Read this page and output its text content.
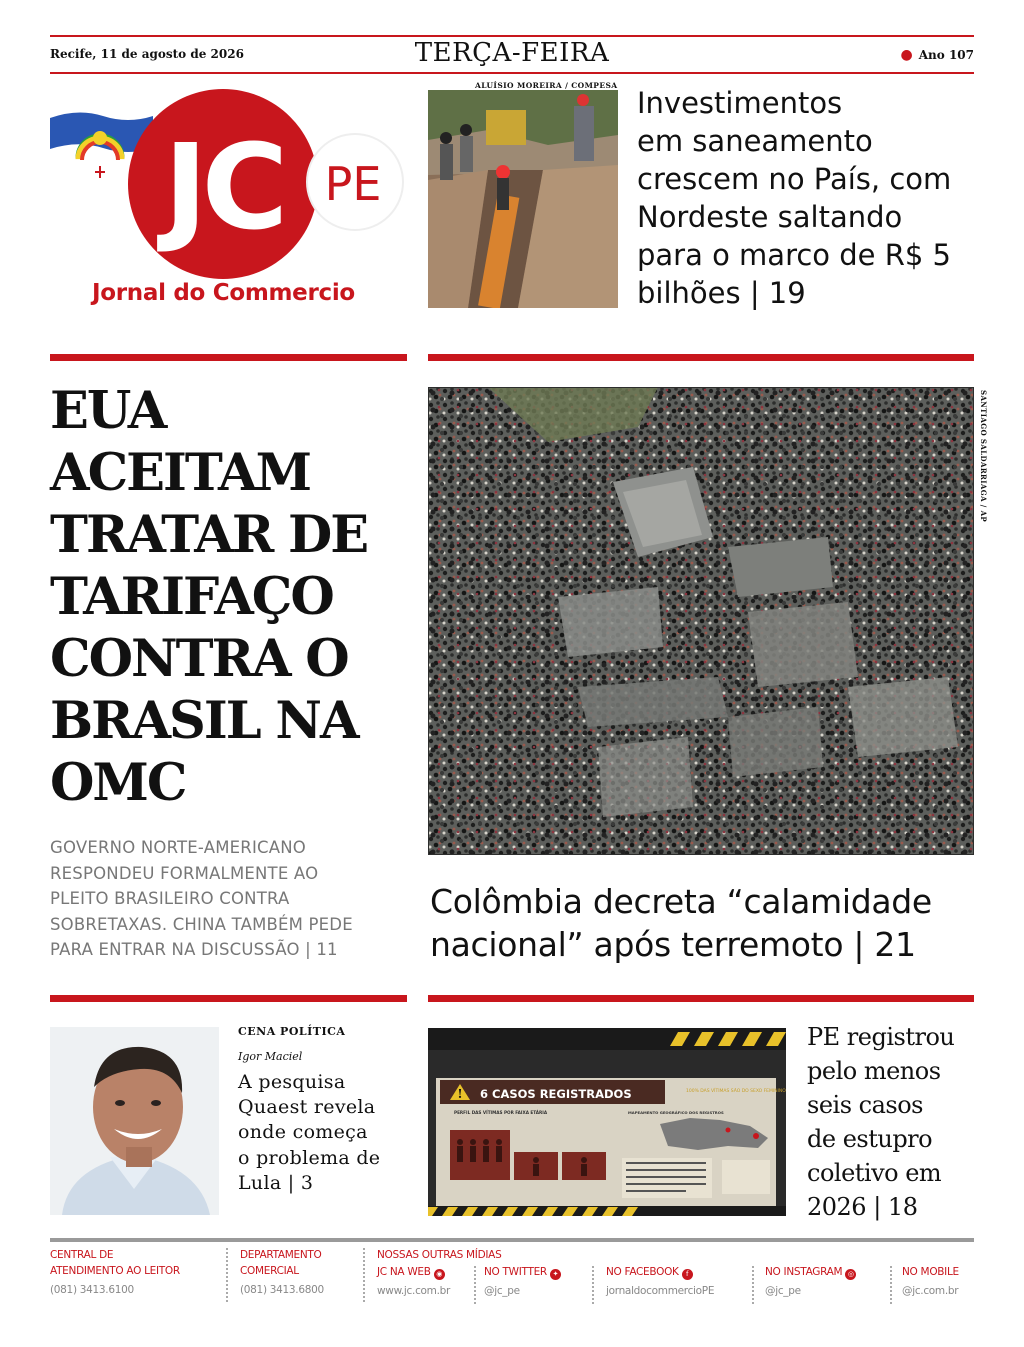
Recife, 11 de agosto de 2026	TERÇA-FEIRA	● Ano 107
JC PE
Jornal do Commercio
ALUÍSIO MOREIRA / COMPESA
Investimentos
em saneamento
crescem no País, com
Nordeste saltando
para o marco de R$ 5
bilhões | 19
EUA
ACEITAM
TRATAR DE
TARIFAÇO
CONTRA O
BRASIL NA
OMC
GOVERNO NORTE-AMERICANO
RESPONDEU FORMALMENTE AO
PLEITO BRASILEIRO CONTRA
SOBRETAXAS. CHINA TAMBÉM PEDE
PARA ENTRAR NA DISCUSSÃO | 11
SANTIAGO SALDARRIAGA / AP
Colômbia decreta “calamidade
nacional” após terremoto | 21
CENA POLÍTICA
Igor Maciel
A pesquisa
Quaest revela
onde começa
o problema de
Lula | 3
! 6 CASOS REGISTRADOS	100% DAS VÍTIMAS SÃO DO SEXO FEMININO
PERFIL DAS VÍTIMAS POR FAIXA ETÁRIA	MAPEAMENTO GEOGRÁFICO DOS REGISTROS
PE registrou
pelo menos
seis casos
de estupro
coletivo em
2026 | 18
CENTRAL DE
ATENDIMENTO AO LEITOR
(081) 3413.6100
DEPARTAMENTO
COMERCIAL
(081) 3413.6800
NOSSAS OUTRAS MÍDIAS
JC NA WEB ◉
www.jc.com.br
NO TWITTER ✦
@jc_pe
NO FACEBOOK f
jornaldocommercioPE
NO INSTAGRAM ◎
@jc_pe
NO MOBILE
@jc.com.br
